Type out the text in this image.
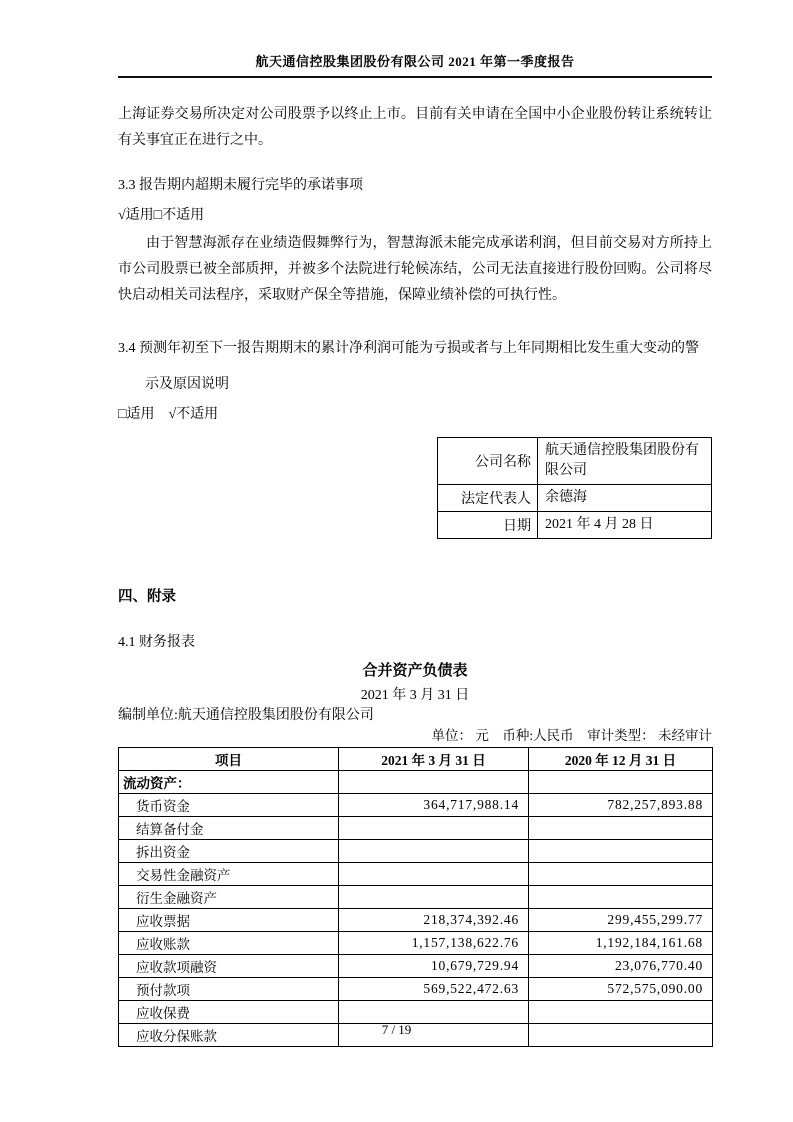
航天通信控股集团股份有限公司 2021 年第一季度报告

上海证券交易所决定对公司股票予以终止上市。目前有关申请在全国中小企业股份转让系统转让有关事宜正在进行之中。

3.3 报告期内超期未履行完毕的承诺事项
√适用□不适用

由于智慧海派存在业绩造假舞弊行为，智慧海派未能完成承诺利润，但目前交易对方所持上市公司股票已被全部质押，并被多个法院进行轮候冻结，公司无法直接进行股份回购。公司将尽快启动相关司法程序，采取财产保全等措施，保障业绩补偿的可执行性。

3.4 预测年初至下一报告期期末的累计净利润可能为亏损或者与上年同期相比发生重大变动的警示及原因说明
□适用　√不适用
公司名称	航天通信控股集团股份有限公司
法定代表人	余德海
日期	2021 年 4 月 28 日
四、附录
4.1 财务报表
合并资产负债表
2021 年 3 月 31 日
编制单位:航天通信控股集团股份有限公司
单位： 元　币种:人民币　审计类型： 未经审计
项目	2021 年 3 月 31 日	2020 年 12 月 31 日
流动资产：		
货币资金	364,717,988.14	782,257,893.88
结算备付金		
拆出资金		
交易性金融资产		
衍生金融资产		
应收票据	218,374,392.46	299,455,299.77
应收账款	1,157,138,622.76	1,192,184,161.68
应收款项融资	10,679,729.94	23,076,770.40
预付款项	569,522,472.63	572,575,090.00
应收保费		
应收分保账款			7 / 19
